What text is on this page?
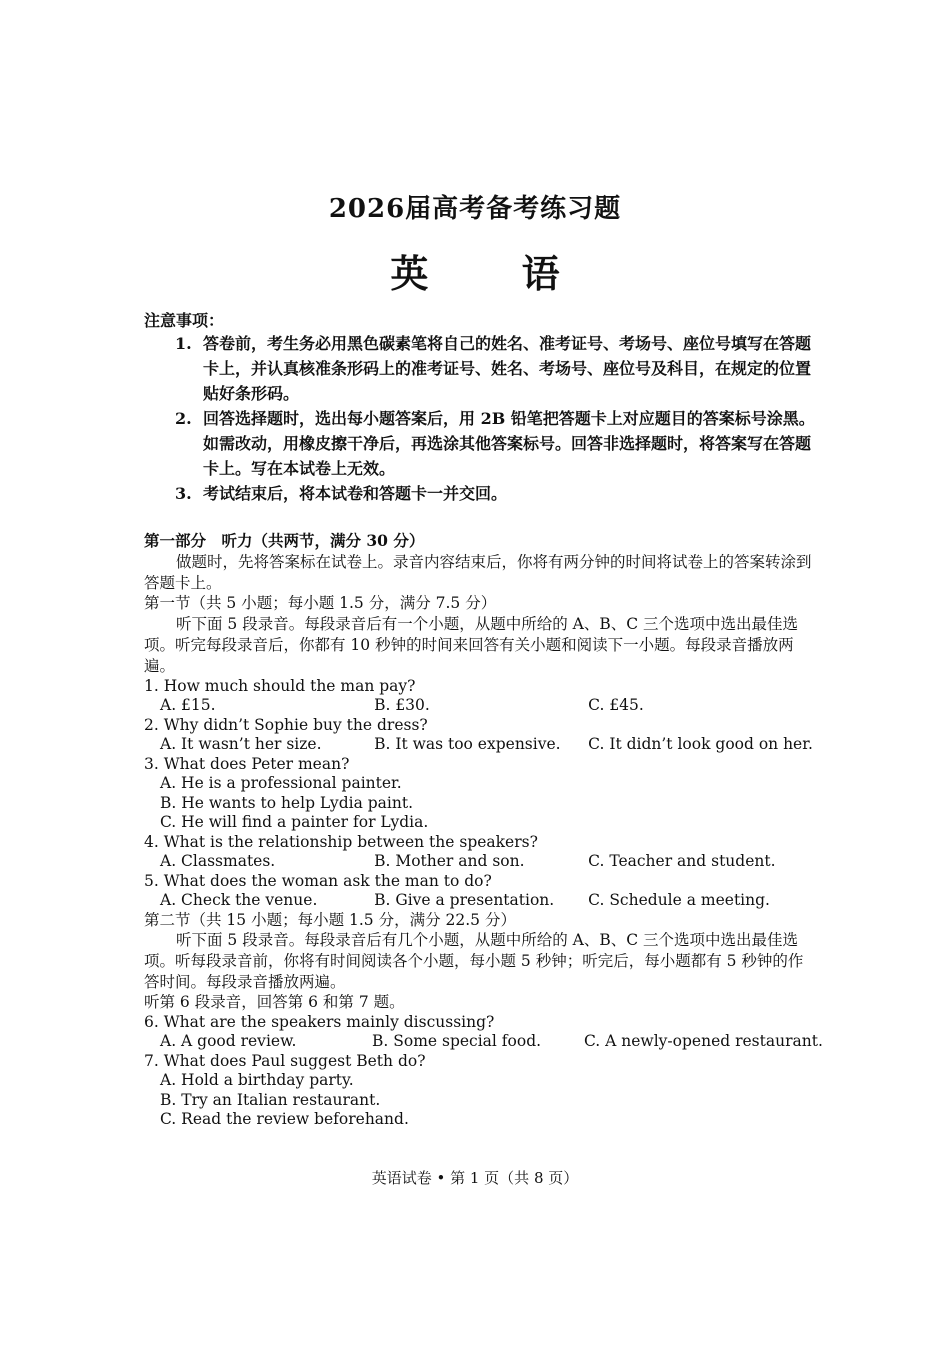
2026届高考备考练习题
英 语
注意事项：
1. 答卷前，考生务必用黑色碳素笔将自己的姓名、准考证号、考场号、座位号填写在答题卡上，并认真核准条形码上的准考证号、姓名、考场号、座位号及科目，在规定的位置贴好条形码。
2. 回答选择题时，选出每小题答案后，用 2B 铅笔把答题卡上对应题目的答案标号涂黑。如需改动，用橡皮擦干净后，再选涂其他答案标号。回答非选择题时，将答案写在答题卡上。写在本试卷上无效。
3. 考试结束后，将本试卷和答题卡一并交回。
第一部分　听力（共两节，满分 30 分）
做题时，先将答案标在试卷上。录音内容结束后，你将有两分钟的时间将试卷上的答案转涂到答题卡上。
第一节（共 5 小题；每小题 1.5 分，满分 7.5 分）
听下面 5 段录音。每段录音后有一个小题，从题中所给的 A、B、C 三个选项中选出最佳选项。听完每段录音后，你都有 10 秒钟的时间来回答有关小题和阅读下一小题。每段录音播放两遍。
1. How much should the man pay?
A. £15.	B. £30.	C. £45.
2. Why didn’t Sophie buy the dress?
A. It wasn’t her size.	B. It was too expensive.	C. It didn’t look good on her.
3. What does Peter mean?
A. He is a professional painter.
B. He wants to help Lydia paint.
C. He will find a painter for Lydia.
4. What is the relationship between the speakers?
A. Classmates.	B. Mother and son.	C. Teacher and student.
5. What does the woman ask the man to do?
A. Check the venue.	B. Give a presentation.	C. Schedule a meeting.
第二节（共 15 小题；每小题 1.5 分，满分 22.5 分）
听下面 5 段录音。每段录音后有几个小题，从题中所给的 A、B、C 三个选项中选出最佳选项。听每段录音前，你将有时间阅读各个小题，每小题 5 秒钟；听完后，每小题都有 5 秒钟的作答时间。每段录音播放两遍。
听第 6 段录音，回答第 6 和第 7 题。
6. What are the speakers mainly discussing?
A. A good review.	B. Some special food.	C. A newly-opened restaurant.
7. What does Paul suggest Beth do?
A. Hold a birthday party.
B. Try an Italian restaurant.
C. Read the review beforehand.
英语试卷 • 第 1 页（共 8 页）
